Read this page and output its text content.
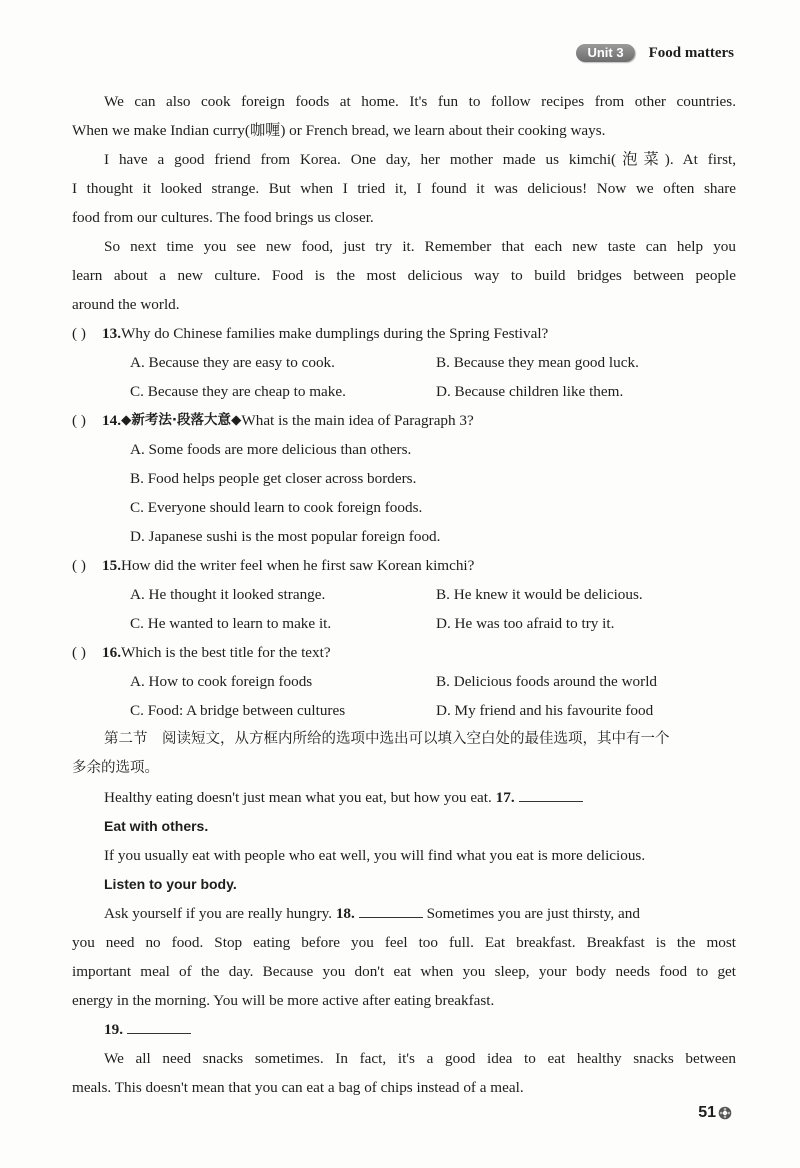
Unit 3	Food matters
We can also cook foreign foods at home. It's fun to follow recipes from other countries.
When we make Indian curry(咖喱) or French bread, we learn about their cooking ways.
I have a good friend from Korea. One day, her mother made us kimchi(泡菜). At first,
I thought it looked strange. But when I tried it, I found it was delicious! Now we often share
food from our cultures. The food brings us closer.
So next time you see new food, just try it. Remember that each new taste can help you
learn about a new culture. Food is the most delicious way to build bridges between people
around the world.
( )	13. Why do Chinese families make dumplings during the Spring Festival?
A. Because they are easy to cook.	B. Because they mean good luck.
C. Because they are cheap to make.	D. Because children like them.
( )	14. ◆新考法·段落大意◆ What is the main idea of Paragraph 3?
A. Some foods are more delicious than others.
B. Food helps people get closer across borders.
C. Everyone should learn to cook foreign foods.
D. Japanese sushi is the most popular foreign food.
( )	15. How did the writer feel when he first saw Korean kimchi?
A. He thought it looked strange.	B. He knew it would be delicious.
C. He wanted to learn to make it.	D. He was too afraid to try it.
( )	16. Which is the best title for the text?
A. How to cook foreign foods	B. Delicious foods around the world
C. Food: A bridge between cultures	D. My friend and his favourite food
第二节　阅读短文，从方框内所给的选项中选出可以填入空白处的最佳选项，其中有一个
多余的选项。
Healthy eating doesn't just mean what you eat, but how you eat. 17.
Eat with others.
If you usually eat with people who eat well, you will find what you eat is more delicious.
Listen to your body.
Ask yourself if you are really hungry. 18.	Sometimes you are just thirsty, and
you need no food. Stop eating before you feel too full. Eat breakfast. Breakfast is the most
important meal of the day. Because you don't eat when you sleep, your body needs food to get
energy in the morning. You will be more active after eating breakfast.
19.
We all need snacks sometimes. In fact, it's a good idea to eat healthy snacks between
meals. This doesn't mean that you can eat a bag of chips instead of a meal.
51
